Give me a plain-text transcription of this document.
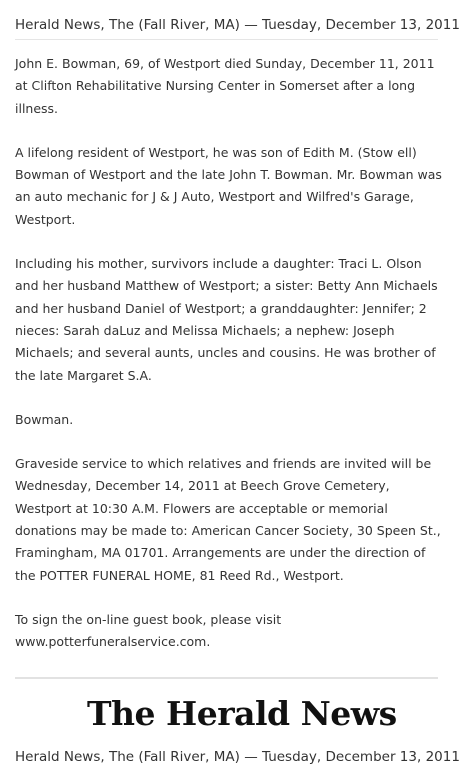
Herald News, The (Fall River, MA) — Tuesday, December 13, 2011

John E. Bowman, 69, of Westport died Sunday, December 11, 2011 at Clifton Rehabilitative Nursing Center in Somerset after a long illness.

A lifelong resident of Westport, he was son of Edith M. (Stow ell) Bowman of Westport and the late John T. Bowman. Mr. Bowman was an auto mechanic for J & J Auto, Westport and Wilfred's Garage, Westport.

Including his mother, survivors include a daughter: Traci L. Olson and her husband Matthew of Westport; a sister: Betty Ann Michaels and her husband Daniel of Westport; a granddaughter: Jennifer; 2 nieces: Sarah daLuz and Melissa Michaels; a nephew: Joseph Michaels; and several aunts, uncles and cousins. He was brother of the late Margaret S.A.

Bowman.

Graveside service to which relatives and friends are invited will be Wednesday, December 14, 2011 at Beech Grove Cemetery, Westport at 10:30 A.M. Flowers are acceptable or memorial donations may be made to: American Cancer Society, 30 Speen St., Framingham, MA 01701. Arrangements are under the direction of the POTTER FUNERAL HOME, 81 Reed Rd., Westport.

To sign the on-line guest book, please visit www.potterfuneralservice.com.

The Herald News
Herald News, The (Fall River, MA) — Tuesday, December 13, 2011
